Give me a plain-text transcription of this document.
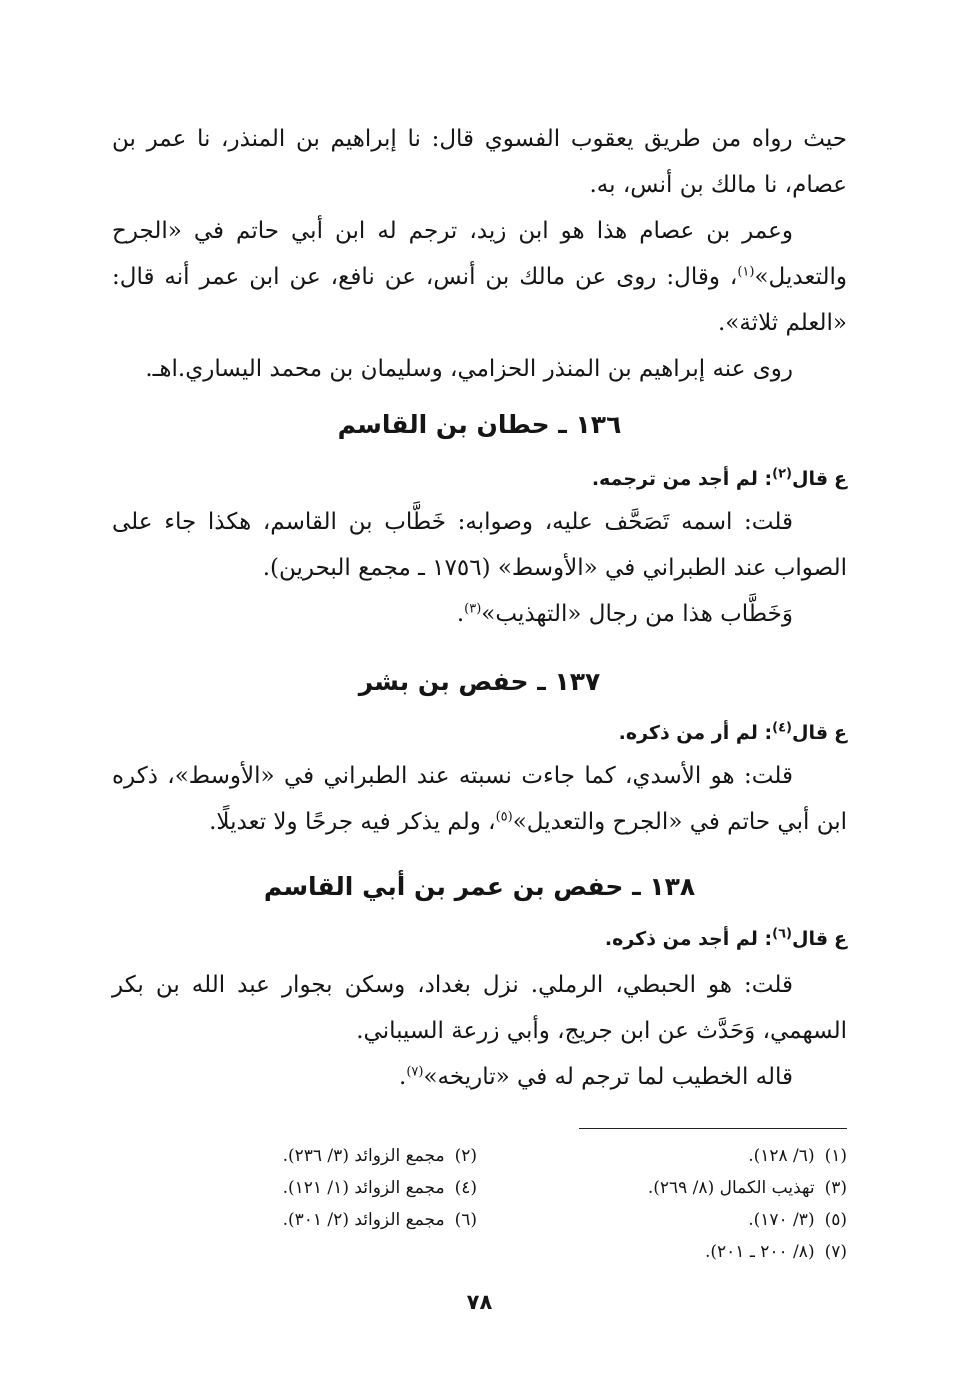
حيث رواه من طريق يعقوب الفسوي قال: نا إبراهيم بن المنذر، نا عمر بن عصام، نا مالك بن أنس، به.

وعمر بن عصام هذا هو ابن زيد، ترجم له ابن أبي حاتم في «الجرح والتعديل»$^{(١)}$، وقال: روى عن مالك بن أنس، عن نافع، عن ابن عمر أنه قال: «العلم ثلاثة».

روى عنه إبراهيم بن المنذر الحزامي، وسليمان بن محمد اليساري.اهـ.

١٣٦ ـ حطان بن القاسم
عقال$^{(٢)}$: لم أجد من ترجمه.

قلت: اسمه تَصَحَّف عليه، وصوابه: خَطَّاب بن القاسم، هكذا جاء على الصواب عند الطبراني في «الأوسط» (١٧٥٦ ـ مجمع البحرين).

وَخَطَّاب هذا من رجال «التهذيب»$^{(٣)}$.

١٣٧ ـ حفص بن بشر
عقال$^{(٤)}$: لم أر من ذكره.

قلت: هو الأسدي، كما جاءت نسبته عند الطبراني في «الأوسط»، ذكره ابن أبي حاتم في «الجرح والتعديل»$^{(٥)}$، ولم يذكر فيه جرحًا ولا تعديلًا.

١٣٨ ـ حفص بن عمر بن أبي القاسم
عقال$^{(٦)}$: لم أجد من ذكره.

قلت: هو الحبطي، الرملي. نزل بغداد، وسكن بجوار عبد الله بن بكر السهمي، وَحَدَّث عن ابن جريج، وأبي زرعة السيباني.

قاله الخطيب لما ترجم له في «تاريخه»$^{(٧)}$.

(١)(٦/ ١٢٨).
(٢)مجمع الزوائد (٣/ ٢٣٦).
(٣)تهذيب الكمال (٨/ ٢٦٩).
(٤)مجمع الزوائد (١/ ١٢١).
(٥)(٣/ ١٧٠).
(٦)مجمع الزوائد (٢/ ٣٠١).
(٧)(٨/ ٢٠٠ ـ ٢٠١).
٧٨
